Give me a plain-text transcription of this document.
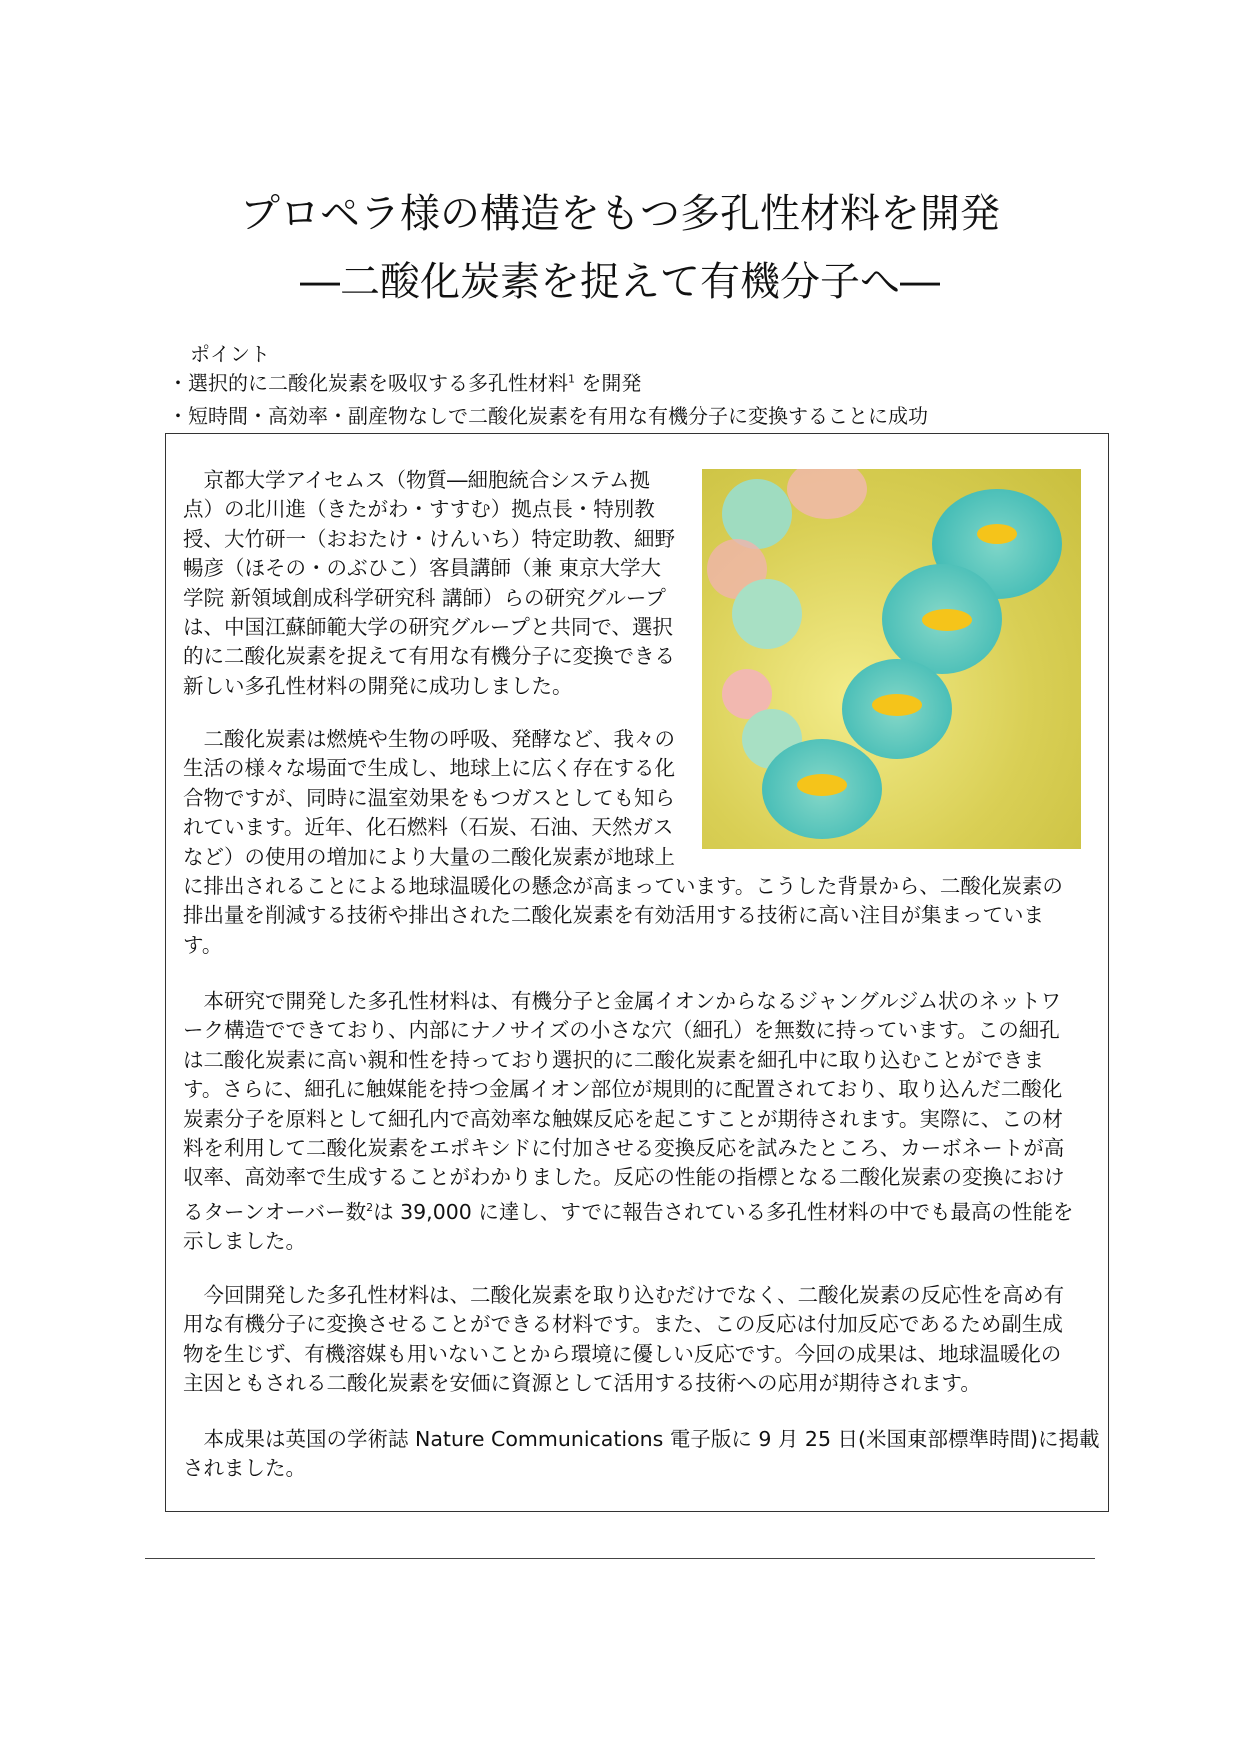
プロペラ様の構造をもつ多孔性材料を開発
―二酸化炭素を捉えて有機分子へ―
ポイント
・選択的に二酸化炭素を吸収する多孔性材料$^1$ を開発
・短時間・高効率・副産物なしで二酸化炭素を有用な有機分子に変換することに成功
　京都大学アイセムス（物質―細胞統合システム拠
点）の北川進（きたがわ・すすむ）拠点長・特別教
授、大竹研一（おおたけ・けんいち）特定助教、細野
暢彦（ほその・のぶひこ）客員講師（兼 東京大学大
学院 新領域創成科学研究科 講師）らの研究グループ
は、中国江蘇師範大学の研究グループと共同で、選択
的に二酸化炭素を捉えて有用な有機分子に変換できる
新しい多孔性材料の開発に成功しました。
　二酸化炭素は燃焼や生物の呼吸、発酵など、我々の
生活の様々な場面で生成し、地球上に広く存在する化
合物ですが、同時に温室効果をもつガスとしても知ら
れています。近年、化石燃料（石炭、石油、天然ガス
など）の使用の増加により大量の二酸化炭素が地球上
に排出されることによる地球温暖化の懸念が高まっています。こうした背景から、二酸化炭素の
排出量を削減する技術や排出された二酸化炭素を有効活用する技術に高い注目が集まっていま
す。
　本研究で開発した多孔性材料は、有機分子と金属イオンからなるジャングルジム状のネットワ
ーク構造でできており、内部にナノサイズの小さな穴（細孔）を無数に持っています。この細孔
は二酸化炭素に高い親和性を持っており選択的に二酸化炭素を細孔中に取り込むことができま
す。さらに、細孔に触媒能を持つ金属イオン部位が規則的に配置されており、取り込んだ二酸化
炭素分子を原料として細孔内で高効率な触媒反応を起こすことが期待されます。実際に、この材
料を利用して二酸化炭素をエポキシドに付加させる変換反応を試みたところ、カーボネートが高
収率、高効率で生成することがわかりました。反応の性能の指標となる二酸化炭素の変換におけ
るターンオーバー数$^2$は 39,000 に達し、すでに報告されている多孔性材料の中でも最高の性能を
示しました。
　今回開発した多孔性材料は、二酸化炭素を取り込むだけでなく、二酸化炭素の反応性を高め有
用な有機分子に変換させることができる材料です。また、この反応は付加反応であるため副生成
物を生じず、有機溶媒も用いないことから環境に優しい反応です。今回の成果は、地球温暖化の
主因ともされる二酸化炭素を安価に資源として活用する技術への応用が期待されます。
　本成果は英国の学術誌 Nature Communications 電子版に 9 月 25 日(米国東部標準時間)に掲載
されました。
